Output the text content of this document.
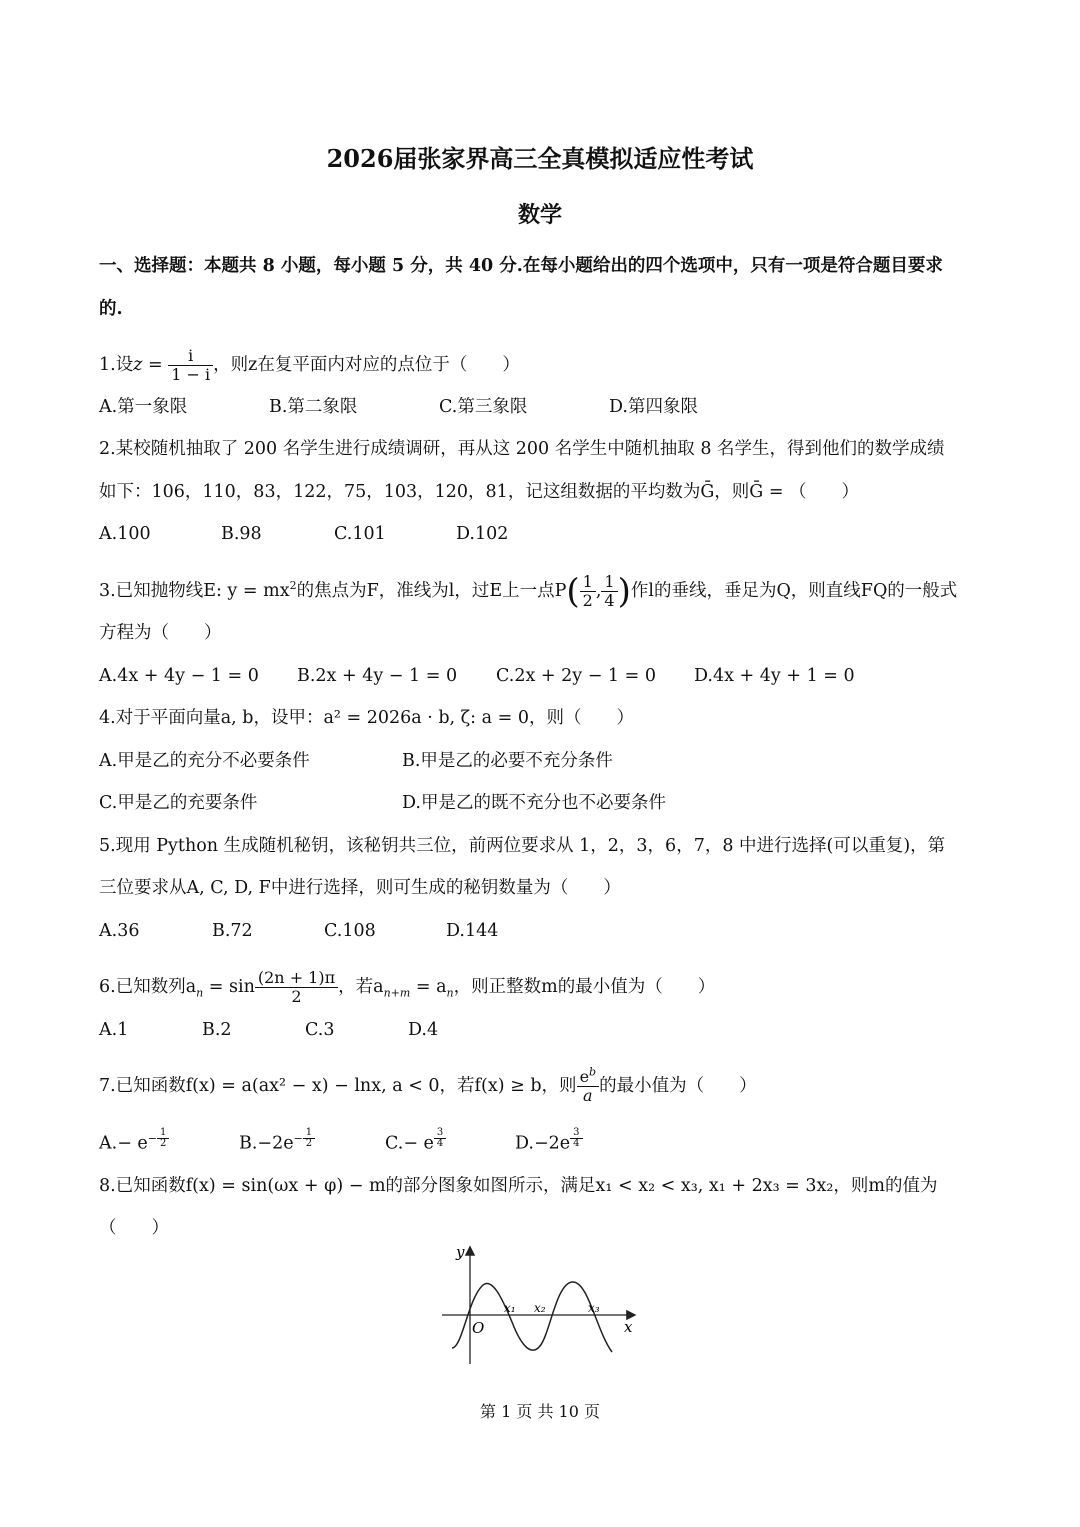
2026届张家界高三全真模拟适应性考试
数学
一、选择题：本题共 8 小题，每小题 5 分，共 40 分.在每小题给出的四个选项中，只有一项是符合题目要求
的.
1.设$z = \frac{i}{1 - i}$ ，则z在复平面内对应的点位于（　　）
A.第一象限	B.第二象限	C.第三象限	D.第四象限
2.某校随机抽取了 200 名学生进行成绩调研，再从这 200 名学生中随机抽取 8 名学生，得到他们的数学成绩
如下：106，110，83，122，75，103，120，81，记这组数据的平均数为Ḡ，则Ḡ = （　　）
A.100	B.98	C.101	D.102
3.已知抛物线E: $y = mx^2$的焦点为F，准线为l，过E上一点$P( \frac{1}{2}$ , $\frac{1}{4}$ )作l的垂线，垂足为Q，则直线FQ的一般式
方程为（　　）
A.4x + 4y − 1 = 0 B.2x + 4y − 1 = 0 C.2x + 2y − 1 = 0 D.4x + 4y + 1 = 0
4.对于平面向量a, b，设甲：a² = 2026a · b, ζ: a = 0，则（　　）
A.甲是乙的充分不必要条件	B.甲是乙的必要不充分条件
C.甲是乙的充要条件	D.甲是乙的既不充分也不必要条件
5.现用 Python 生成随机秘钥，该秘钥共三位，前两位要求从 1，2，3，6，7，8 中进行选择(可以重复)，第
三位要求从A, C, D, F中进行选择，则可生成的秘钥数量为（　　）
A.36	B.72	C.108	D.144
6.已知数列$a_n = \sin \frac{(2n + 1)\pi}{2}$ ，若$a_{n+m} = a_n$，则正整数m的最小值为（　　）
A.1	B.2	C.3	D.4
7.已知函数f(x) = a(ax² − x) − lnx, a < 0，若f(x) ≥ b，则 $\frac{e^b}{a}$ 的最小值为（　　）
$A.- e^{- \frac{1}{2}}$	$B.-2e^{- \frac{1}{2}}$	C.− e $^{\frac{3}{4}}$	D.−2e $^{\frac{3}{4}}$
8.已知函数f(x) = sin(ωx + φ) − m的部分图象如图所示，满足x₁ < x₂ < x₃, x₁ + 2x₃ = 3x₂，则m的值为
（　　）
y
x
O
x₁ x₂	x₃
第 1 页 共 10 页
